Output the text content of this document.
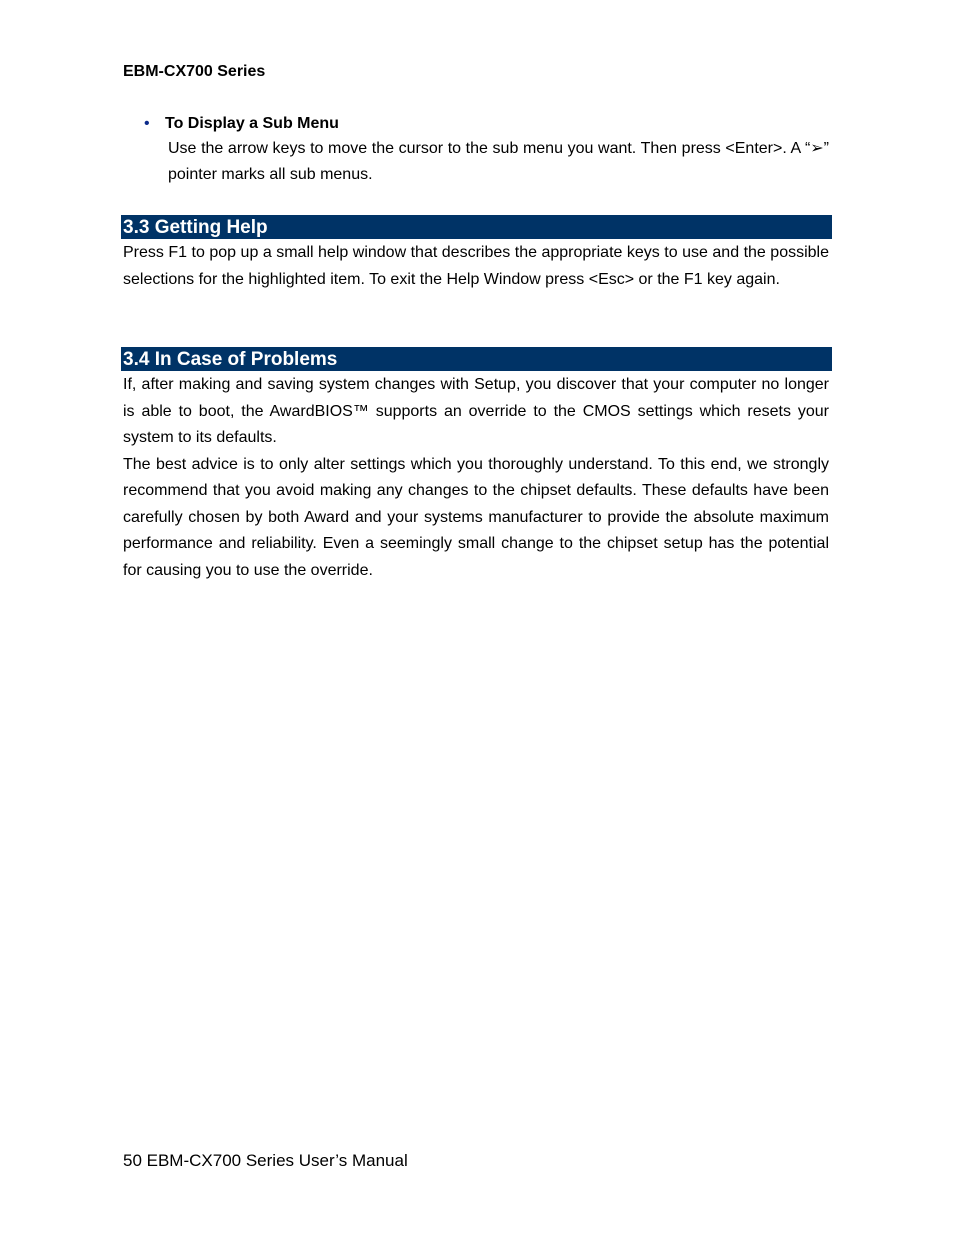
EBM-CX700 Series
• To Display a Sub Menu
Use the arrow keys to move the cursor to the sub menu you want. Then press <Enter>. A “➢” pointer marks all sub menus.
3.3 Getting Help

Press F1 to pop up a small help window that describes the appropriate keys to use and the possible selections for the highlighted item. To exit the Help Window press <Esc> or the F1 key again.

3.4 In Case of Problems

If, after making and saving system changes with Setup, you discover that your computer no longer is able to boot, the AwardBIOS™ supports an override to the CMOS settings which resets your system to its defaults.

The best advice is to only alter settings which you thoroughly understand. To this end, we strongly recommend that you avoid making any changes to the chipset defaults. These defaults have been carefully chosen by both Award and your systems manufacturer to provide the absolute maximum performance and reliability. Even a seemingly small change to the chipset setup has the potential for causing you to use the override.

50 EBM-CX700 Series User’s Manual
